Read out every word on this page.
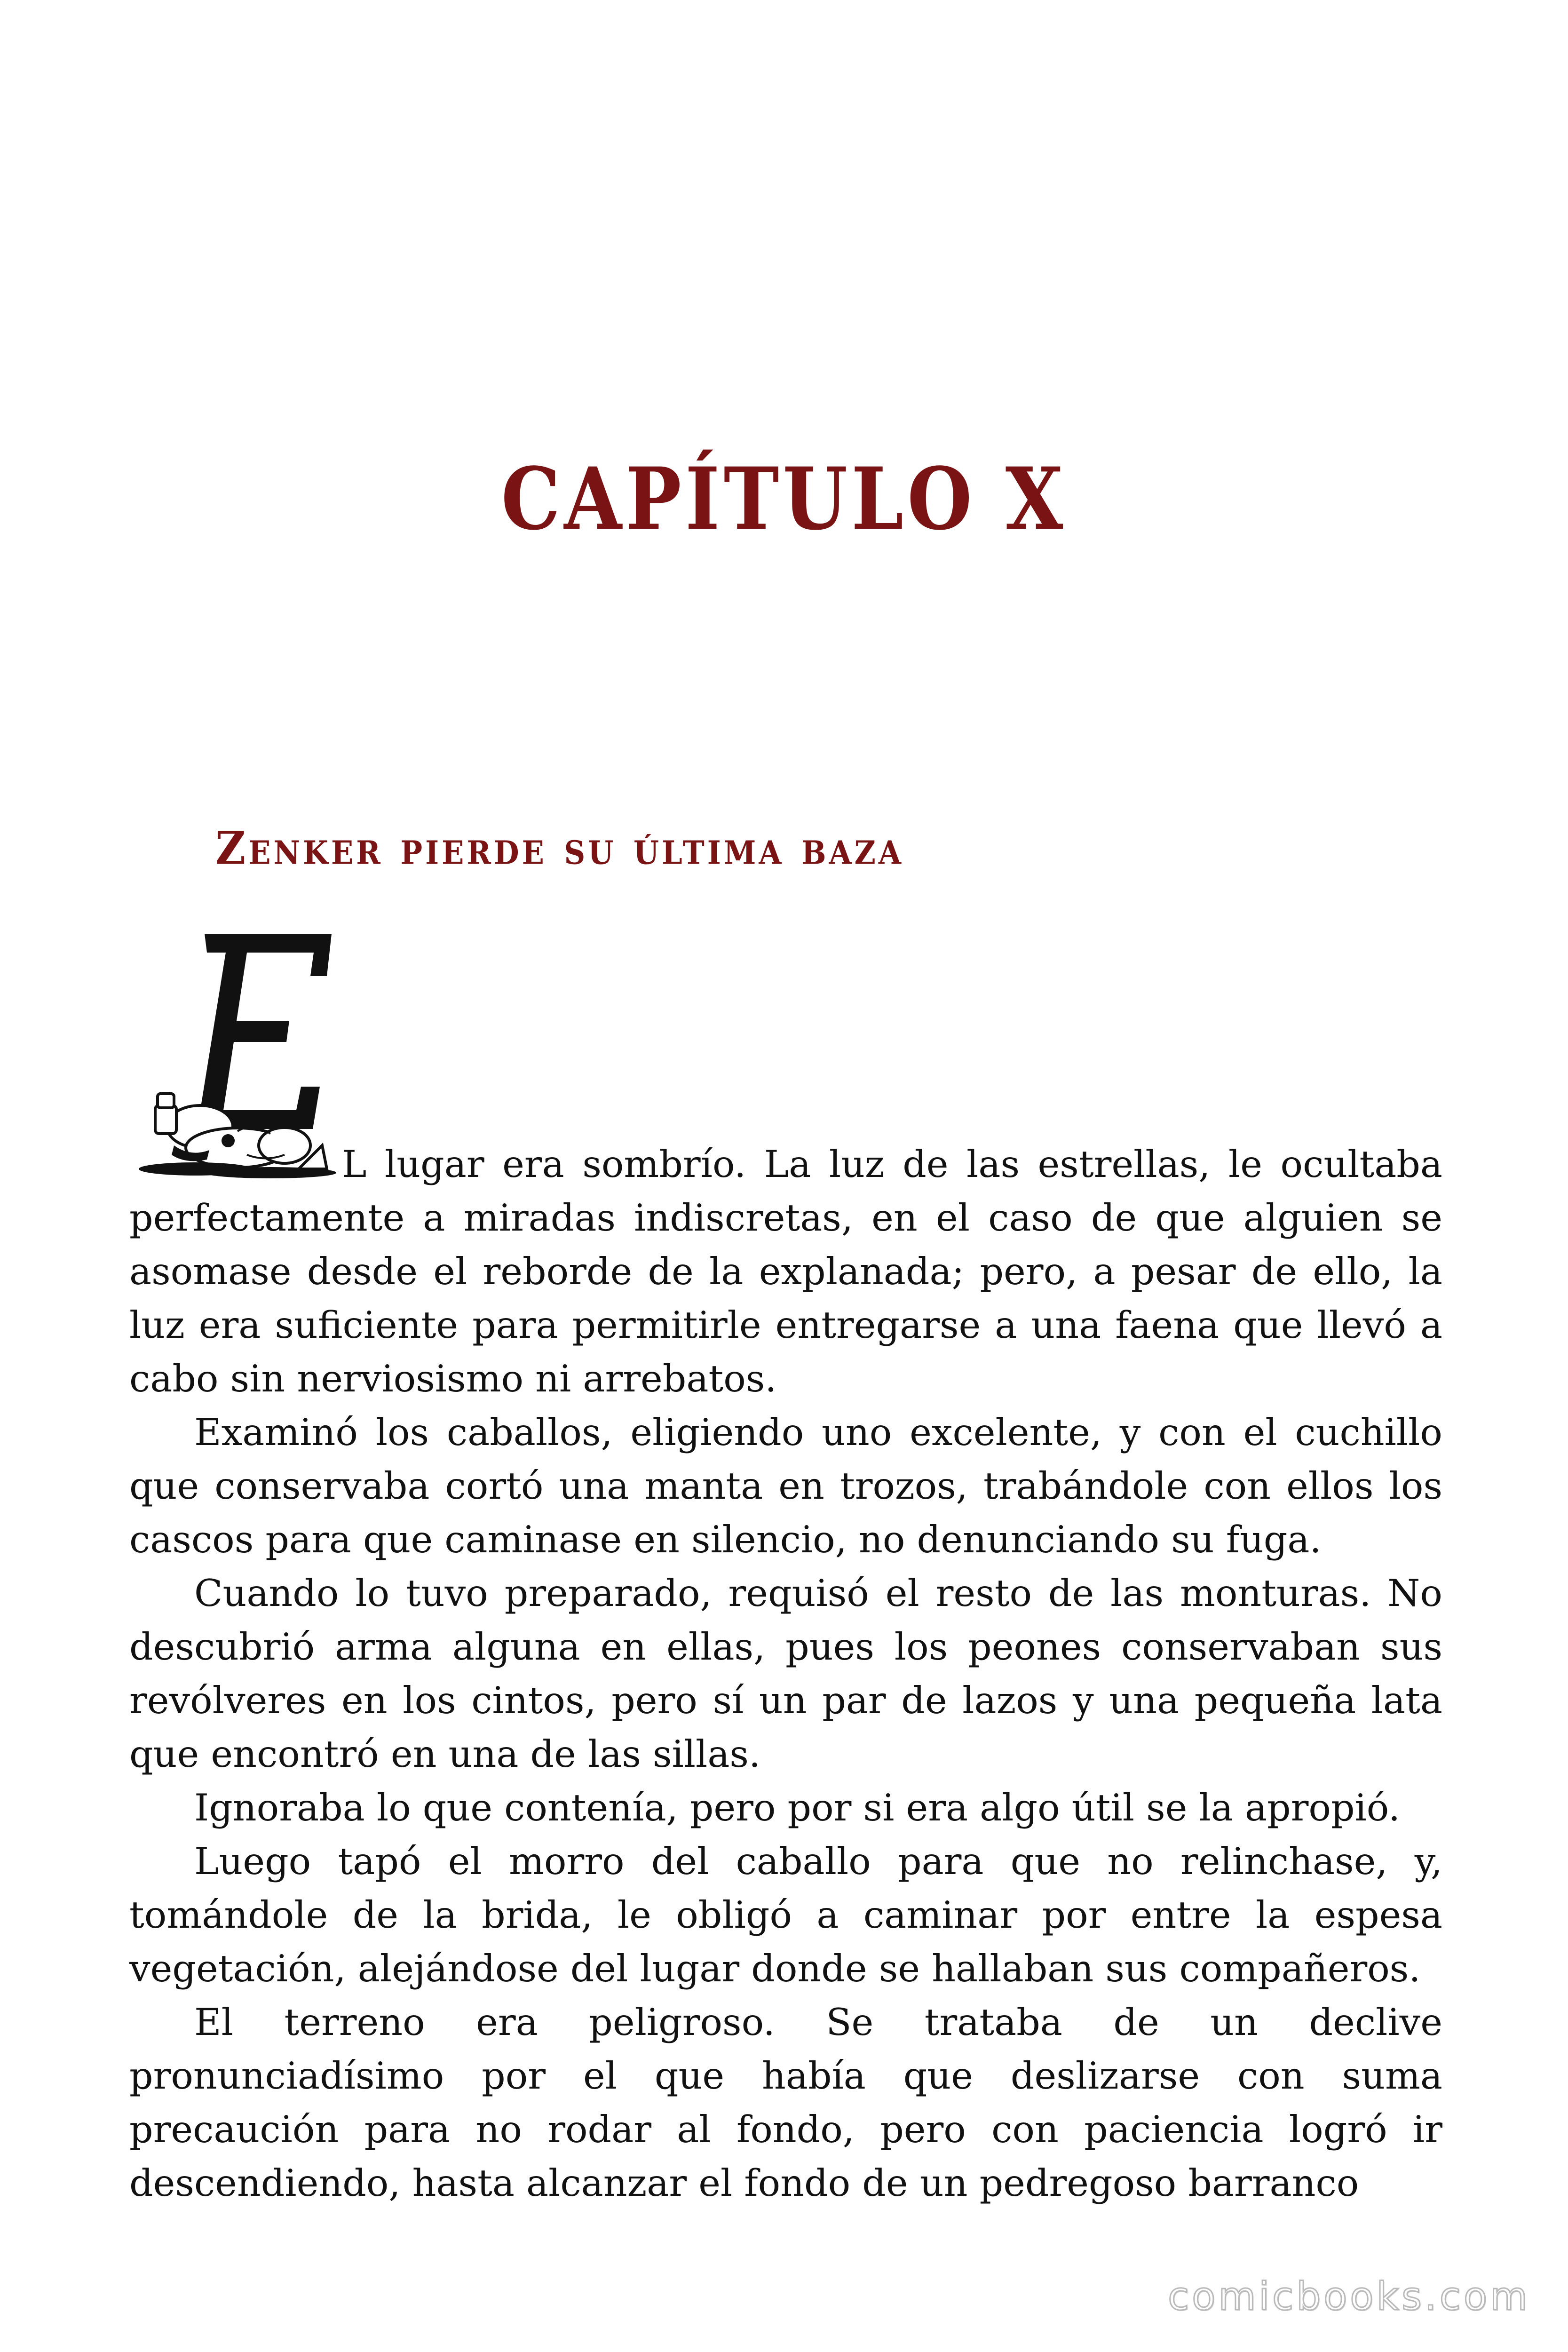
CAPÍTULO X
Zenker pierde su última baza

L lugar era sombrío. La luz de las estrellas, le ocultaba perfectamente a miradas indiscretas, en el caso de que alguien se asomase desde el reborde de la explanada; pero, a pesar de ello, la luz era suficiente para permitirle entregarse a una faena que llevó a cabo sin nerviosismo ni arrebatos.

Examinó los caballos, eligiendo uno excelente, y con el cuchillo que conservaba cortó una manta en trozos, trabándole con ellos los cascos para que caminase en silencio, no denunciando su fuga.

Cuando lo tuvo preparado, requisó el resto de las monturas. No descubrió arma alguna en ellas, pues los peones conservaban sus revólveres en los cintos, pero sí un par de lazos y una pequeña lata que encontró en una de las sillas.

Ignoraba lo que contenía, pero por si era algo útil se la apropió.

Luego tapó el morro del caballo para que no relinchase, y, tomándole de la brida, le obligó a caminar por entre la espesa vegetación, alejándose del lugar donde se hallaban sus compañeros.

El terreno era peligroso. Se trataba de un declive pronunciadísimo por el que había que deslizarse con suma precaución para no rodar al fondo, pero con paciencia logró ir descendiendo, hasta alcanzar el fondo de un pedregoso barranco

comicbooks.com
